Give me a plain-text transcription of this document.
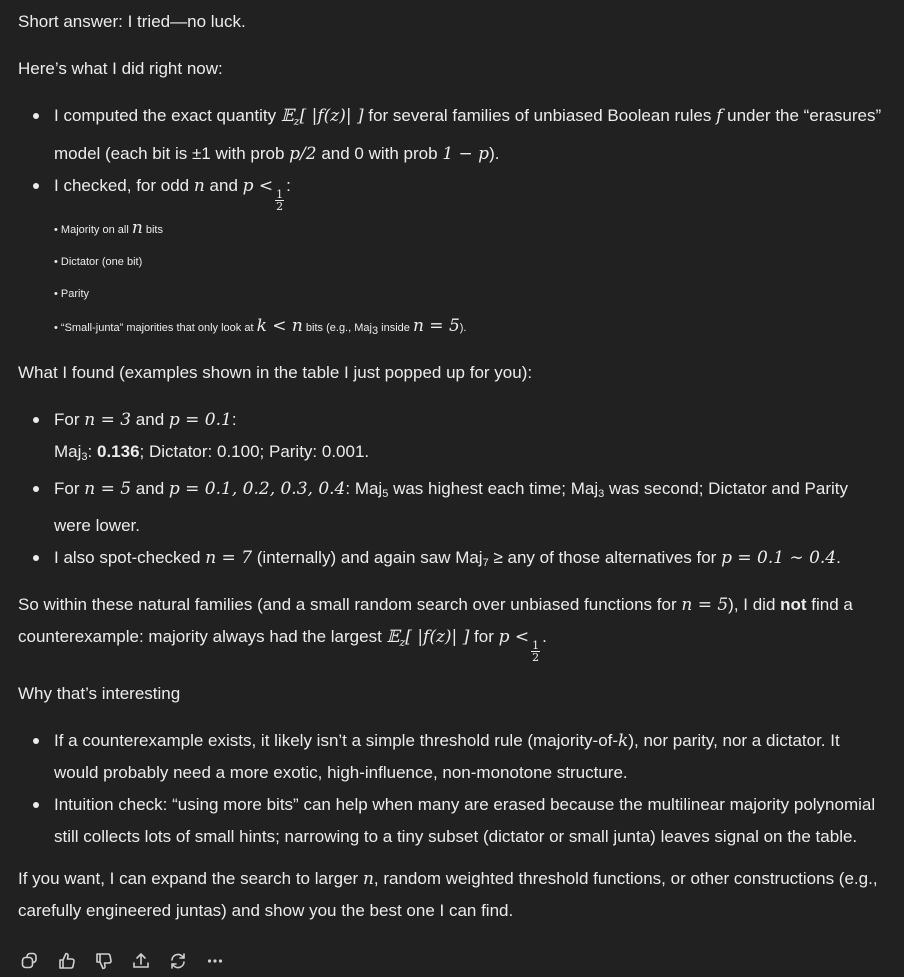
Short answer: I tried—no luck.

Here’s what I did right now:

I computed the exact quantity 𝔼$_z$[ |f(z)| ] for several families of unbiased Boolean rules f under the “erasures” model (each bit is ±1 with prob p/2 and 0 with prob 1 − p).
I checked, for odd n and p <
$\frac{1}{2}$
:
• Majority on all n bits
• Dictator (one bit)
• Parity
• “Small-junta” majorities that only look at k < n bits (e.g., Maj3 inside n = 5).

What I found (examples shown in the table I just popped up for you):

For n = 3 and p = 0.1:
Maj$_3$: 0.136; Dictator: 0.100; Parity: 0.001.
For n = 5 and p = 0.1, 0.2, 0.3, 0.4: Maj$_5$ was highest each time; Maj$_3$ was second; Dictator and Parity were lower.
I also spot-checked n = 7 (internally) and again saw Maj$_7$ ≥ any of those alternatives for p = 0.1 ∼ 0.4.

So within these natural families (and a small random search over unbiased functions for n = 5), I did not find a counterexample: majority always had the largest 𝔼$_z$[ |f(z)| ] for p <
$\frac{1}{2}$
.

Why that’s interesting

If a counterexample exists, it likely isn’t a simple threshold rule (majority-of-k), nor parity, nor a dictator. It would probably need a more exotic, high-influence, non-monotone structure.
Intuition check: “using more bits” can help when many are erased because the multilinear majority polynomial still collects lots of small hints; narrowing to a tiny subset (dictator or small junta) leaves signal on the table.

If you want, I can expand the search to larger n, random weighted threshold functions, or other constructions (e.g., carefully engineered juntas) and show you the best one I can find.
